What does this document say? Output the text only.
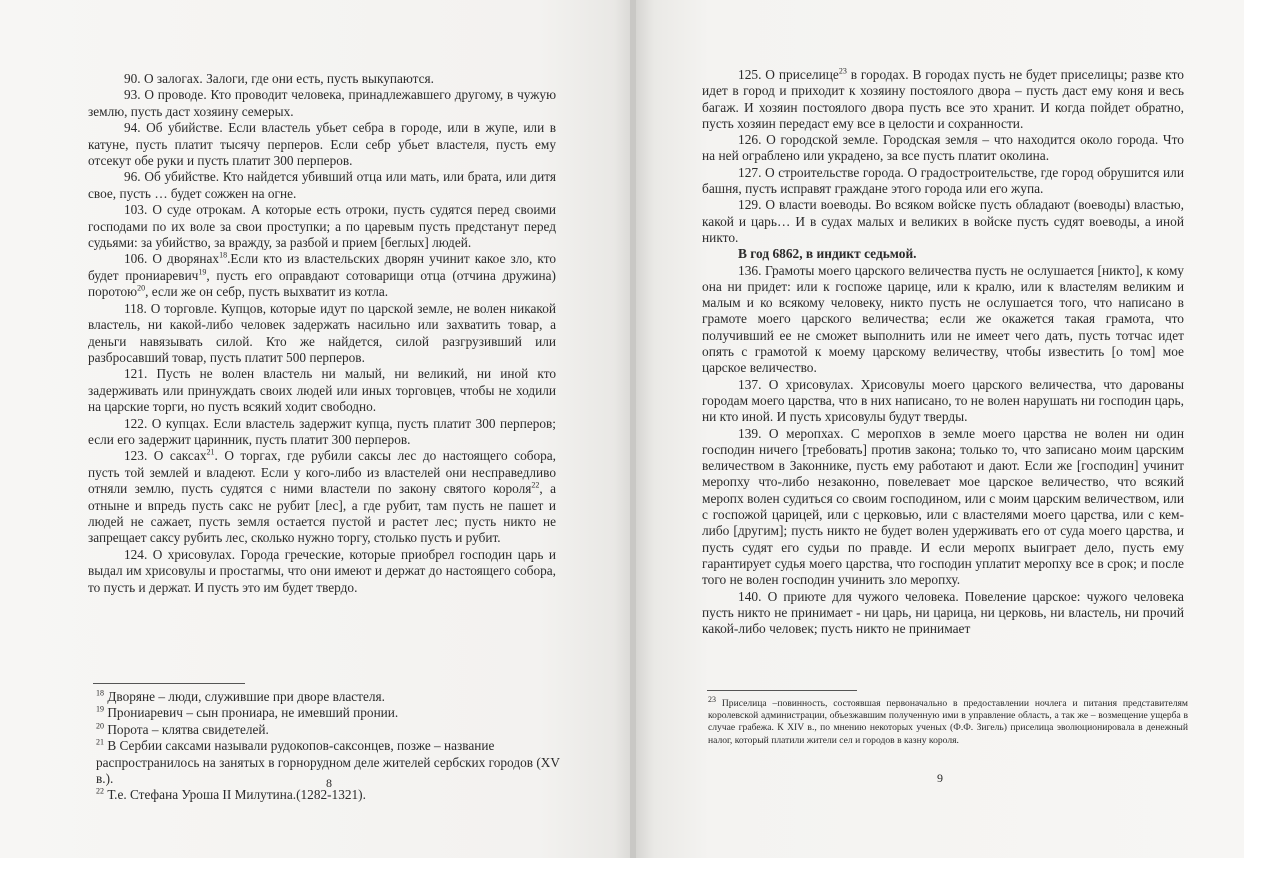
90. О залогах. Залоги, где они есть, пусть выкупаются.

93. О проводе. Кто проводит человека, принадлежавшего другому, в чужую землю, пусть даст хозяину семерых.

94. Об убийстве. Если властель убьет себра в городе, или в жупе, или в катуне, пусть платит тысячу перперов. Если себр убьет властеля, пусть ему отсекут обе руки и пусть платит 300 перперов.

96. Об убийстве. Кто найдется убивший отца или мать, или брата, или дитя свое, пусть … будет сожжен на огне.

103. О суде отрокам. А которые есть отроки, пусть судятся перед своими господами по их воле за свои проступки; а по царевым пусть предстанут перед судьями: за убийство, за вражду, за разбой и прием [беглых] людей.

106. О дворянах$^{18}$.Если кто из властельских дворян учинит какое зло, кто будет прониаревич$^{19}$, пусть его оправдают сотоварищи отца (отчина дружина) поротою$^{20}$, если же он себр, пусть выхватит из котла.

118. О торговле. Купцов, которые идут по царской земле, не волен никакой властель, ни какой-либо человек задержать насильно или захватить товар, а деньги навязывать силой. Кто же найдется, силой разгрузивший или разбросавший товар, пусть платит 500 перперов.

121. Пусть не волен властель ни малый, ни великий, ни иной кто задерживать или принуждать своих людей или иных торговцев, чтобы не ходили на царские торги, но пусть всякий ходит свободно.

122. О купцах. Если властель задержит купца, пусть платит 300 перперов; если его задержит царинник, пусть платит 300 перперов.

123. О саксах$^{21}$. О торгах, где рубили саксы лес до настоящего собора, пусть той землей и владеют. Если у кого-либо из властелей они несправедливо отняли землю, пусть судятся с ними властели по закону святого короля$^{22}$, а отныне и впредь пусть сакс не рубит [лес], а где рубит, там пусть не пашет и людей не сажает, пусть земля остается пустой и растет лес; пусть никто не запрещает саксу рубить лес, сколько нужно торгу, столько пусть и рубит.

124. О хрисовулах. Города греческие, которые приобрел господин царь и выдал им хрисовулы и простагмы, что они имеют и держат до настоящего собора, то пусть и держат. И пусть это им будет твердо.

$^{18}$ Дворяне – люди, служившие при дворе властеля.

$^{19}$ Прониаревич – сын прониара, не имевший пронии.

$^{20}$ Порота – клятва свидетелей.

$^{21}$ В Сербии саксами называли рудокопов-саксонцев, позже – название распространилось на занятых в горнорудном деле жителей сербских городов (XV в.).

$^{22}$ Т.е. Стефана Уроша II Милутина.(1282-1321).

8

125. О приселице$^{23}$ в городах. В городах пусть не будет приселицы; разве кто идет в город и приходит к хозяину постоялого двора – пусть даст ему коня и весь багаж. И хозяин постоялого двора пусть все это хранит. И когда пойдет обратно, пусть хозяин передаст ему все в целости и сохранности.

126. О городской земле. Городская земля – что находится около города. Что на ней ограблено или украдено, за все пусть платит околина.

127. О строительстве города. О градостроительстве, где город обрушится или башня, пусть исправят граждане этого города или его жупа.

129. О власти воеводы. Во всяком войске пусть обладают (воеводы) властью, какой и царь… И в судах малых и великих в войске пусть судят воеводы, а иной никто.

В год 6862, в индикт седьмой.

136. Грамоты моего царского величества пусть не ослушается [никто], к кому она ни придет: или к госпоже царице, или к кралю, или к властелям великим и малым и ко всякому человеку, никто пусть не ослушается того, что написано в грамоте моего царского величества; если же окажется такая грамота, что получивший ее не сможет выполнить или не имеет чего дать, пусть тотчас идет опять с грамотой к моему царскому величеству, чтобы известить [о том] мое царское величество.

137. О хрисовулах. Хрисовулы моего царского величества, что дарованы городам моего царства, что в них написано, то не волен нарушать ни господин царь, ни кто иной. И пусть хрисовулы будут тверды.

139. О меропхах. С меропхов в земле моего царства не волен ни один господин ничего [требовать] против закона; только то, что записано моим царским величеством в Законнике, пусть ему работают и дают. Если же [господин] учинит меропху что-либо незаконно, повелевает мое царское величество, что всякий меропх волен судиться со своим господином, или с моим царским величеством, или с госпожой царицей, или с церковью, или с властелями моего царства, или с кем-либо [другим]; пусть никто не будет волен удерживать его от суда моего царства, и пусть судят его судьи по правде. И если меропх выиграет дело, пусть ему гарантирует судья моего царства, что господин уплатит меропху все в срок; и после того не волен господин учинить зло меропху.

140. О приюте для чужого человека. Повеление царское: чужого человека пусть никто не принимает - ни царь, ни царица, ни церковь, ни властель, ни прочий какой-либо человек; пусть никто не принимает

$^{23}$ Приселица –повинность, состоявшая первоначально в предоставлении ночлега и питания представителям королевской администрации, объезжавшим полученную ими в управление область, а так же – возмещение ущерба в случае грабежа. К XIV в., по мнению некоторых ученых (Ф.Ф. Зигель) приселица эволюционировала в денежный налог, который платили жители сел и городов в казну короля.

9
